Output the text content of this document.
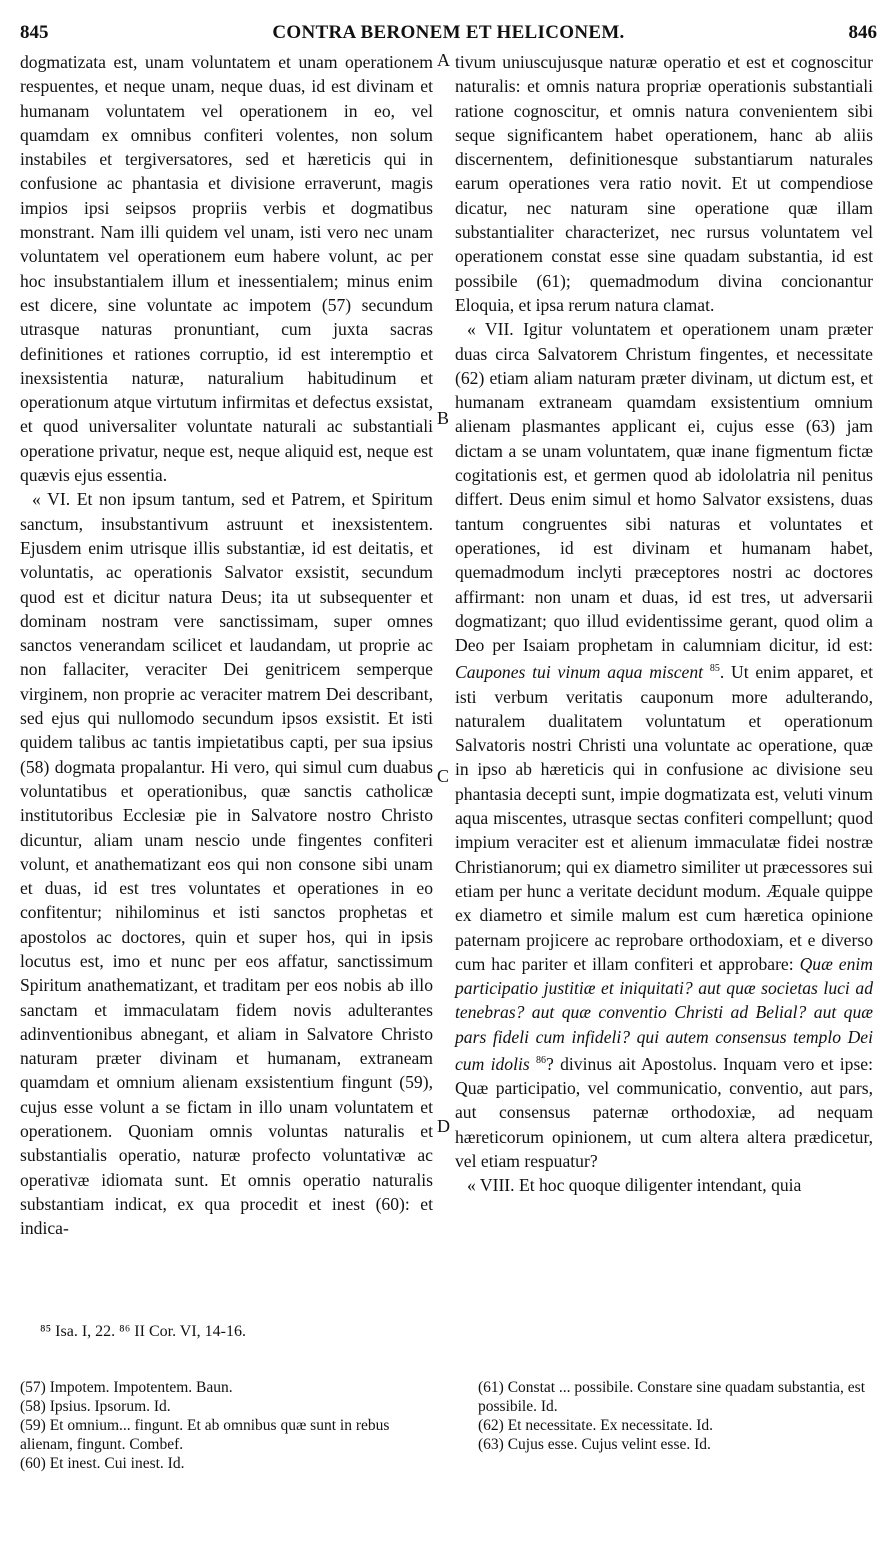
845	CONTRA BERONEM ET HELICONEM.	846

dogmatizata est, unam voluntatem et unam operationem respuentes, et neque unam, neque duas, id est divinam et humanam voluntatem vel operationem in eo, vel quamdam ex omnibus confiteri volentes, non solum instabiles et tergiversatores, sed et hæreticis qui in confusione ac phantasia et divisione erraverunt, magis impios ipsi seipsos propriis verbis et dogmatibus monstrant. Nam illi quidem vel unam, isti vero nec unam voluntatem vel operationem eum habere volunt, ac per hoc insubstantialem illum et inessentialem; minus enim est dicere, sine voluntate ac impotem (57) secundum utrasque naturas pronuntiant, cum juxta sacras definitiones et rationes corruptio, id est interemptio et inexsistentia naturæ, naturalium habitudinum et operationum atque virtutum infirmitas et defectus exsistat, et quod universaliter voluntate naturali ac substantiali operatione privatur, neque est, neque aliquid est, neque est quævis ejus essentia.

« VI. Et non ipsum tantum, sed et Patrem, et Spiritum sanctum, insubstantivum astruunt et inexsistentem. Ejusdem enim utrisque illis substantiæ, id est deitatis, et voluntatis, ac operationis Salvator exsistit, secundum quod est et dicitur natura Deus; ita ut subsequenter et dominam nostram vere sanctissimam, super omnes sanctos venerandam scilicet et laudandam, ut proprie ac non fallaciter, veraciter Dei genitricem semperque virginem, non proprie ac veraciter matrem Dei describant, sed ejus qui nullomodo secundum ipsos exsistit. Et isti quidem talibus ac tantis impietatibus capti, per sua ipsius (58) dogmata propalantur. Hi vero, qui simul cum duabus voluntatibus et operationibus, quæ sanctis catholicæ institutoribus Ecclesiæ pie in Salvatore nostro Christo dicuntur, aliam unam nescio unde fingentes confiteri volunt, et anathematizant eos qui non consone sibi unam et duas, id est tres voluntates et operationes in eo confitentur; nihilominus et isti sanctos prophetas et apostolos ac doctores, quin et super hos, qui in ipsis locutus est, imo et nunc per eos affatur, sanctissimum Spiritum anathematizant, et traditam per eos nobis ab illo sanctam et immaculatam fidem novis adulterantes adinventionibus abnegant, et aliam in Salvatore Christo naturam præter divinam et humanam, extraneam quamdam et omnium alienam exsistentium fingunt (59), cujus esse volunt a se fictam in illo unam voluntatem et operationem. Quoniam omnis voluntas naturalis et substantialis operatio, naturæ profecto voluntativæ ac operativæ idiomata sunt. Et omnis operatio naturalis substantiam indicat, ex qua procedit et inest (60): et indica-

A
B
C
D

tivum uniuscujusque naturæ operatio et est et cognoscitur naturalis: et omnis natura propriæ operationis substantiali ratione cognoscitur, et omnis natura convenientem sibi seque significantem habet operationem, hanc ab aliis discernentem, definitionesque substantiarum naturales earum operationes vera ratio novit. Et ut compendiose dicatur, nec naturam sine operatione quæ illam substantialiter characterizet, nec rursus voluntatem vel operationem constat esse sine quadam substantia, id est possibile (61); quemadmodum divina concionantur Eloquia, et ipsa rerum natura clamat.

« VII. Igitur voluntatem et operationem unam præter duas circa Salvatorem Christum fingentes, et necessitate (62) etiam aliam naturam præter divinam, ut dictum est, et humanam extraneam quamdam exsistentium omnium alienam plasmantes applicant ei, cujus esse (63) jam dictam a se unam voluntatem, quæ inane figmentum fictæ cogitationis est, et germen quod ab idololatria nil penitus differt. Deus enim simul et homo Salvator exsistens, duas tantum congruentes sibi naturas et voluntates et operationes, id est divinam et humanam habet, quemadmodum inclyti præceptores nostri ac doctores affirmant: non unam et duas, id est tres, ut adversarii dogmatizant; quo illud evidentissime gerant, quod olim a Deo per Isaiam prophetam in calumniam dicitur, id est: Caupones tui vinum aqua miscent $^{85}$. Ut enim apparet, et isti verbum veritatis cauponum more adulterando, naturalem dualitatem voluntatum et operationum Salvatoris nostri Christi una voluntate ac operatione, quæ in ipso ab hæreticis qui in confusione ac divisione seu phantasia decepti sunt, impie dogmatizata est, veluti vinum aqua miscentes, utrasque sectas confiteri compellunt; quod impium veraciter est et alienum immaculatæ fidei nostræ Christianorum; qui ex diametro similiter ut præcessores sui etiam per hunc a veritate decidunt modum. Æquale quippe ex diametro et simile malum est cum hæretica opinione paternam projicere ac reprobare orthodoxiam, et e diverso cum hac pariter et illam confiteri et approbare: Quæ enim participatio justitiæ et iniquitati? aut quæ societas luci ad tenebras? aut quæ conventio Christi ad Belial? aut quæ pars fideli cum infideli? qui autem consensus templo Dei cum idolis $^{86}$? divinus ait Apostolus. Inquam vero et ipse: Quæ participatio, vel communicatio, conventio, aut pars, aut consensus paternæ orthodoxiæ, ad nequam hæreticorum opinionem, ut cum altera altera prædicetur, vel etiam respuatur?

« VIII. Et hoc quoque diligenter intendant, quia

⁸⁵ Isa. I, 22. ⁸⁶ II Cor. VI, 14-16.
(57) Impotem. Impotentem. Baun.
(58) Ipsius. Ipsorum. Id.
(59) Et omnium... fingunt. Et ab omnibus quæ sunt in rebus alienam, fingunt. Combef.
(60) Et inest. Cui inest. Id.
(61) Constat ... possibile. Constare sine quadam substantia, est possibile. Id.
(62) Et necessitate. Ex necessitate. Id.
(63) Cujus esse. Cujus velint esse. Id.
